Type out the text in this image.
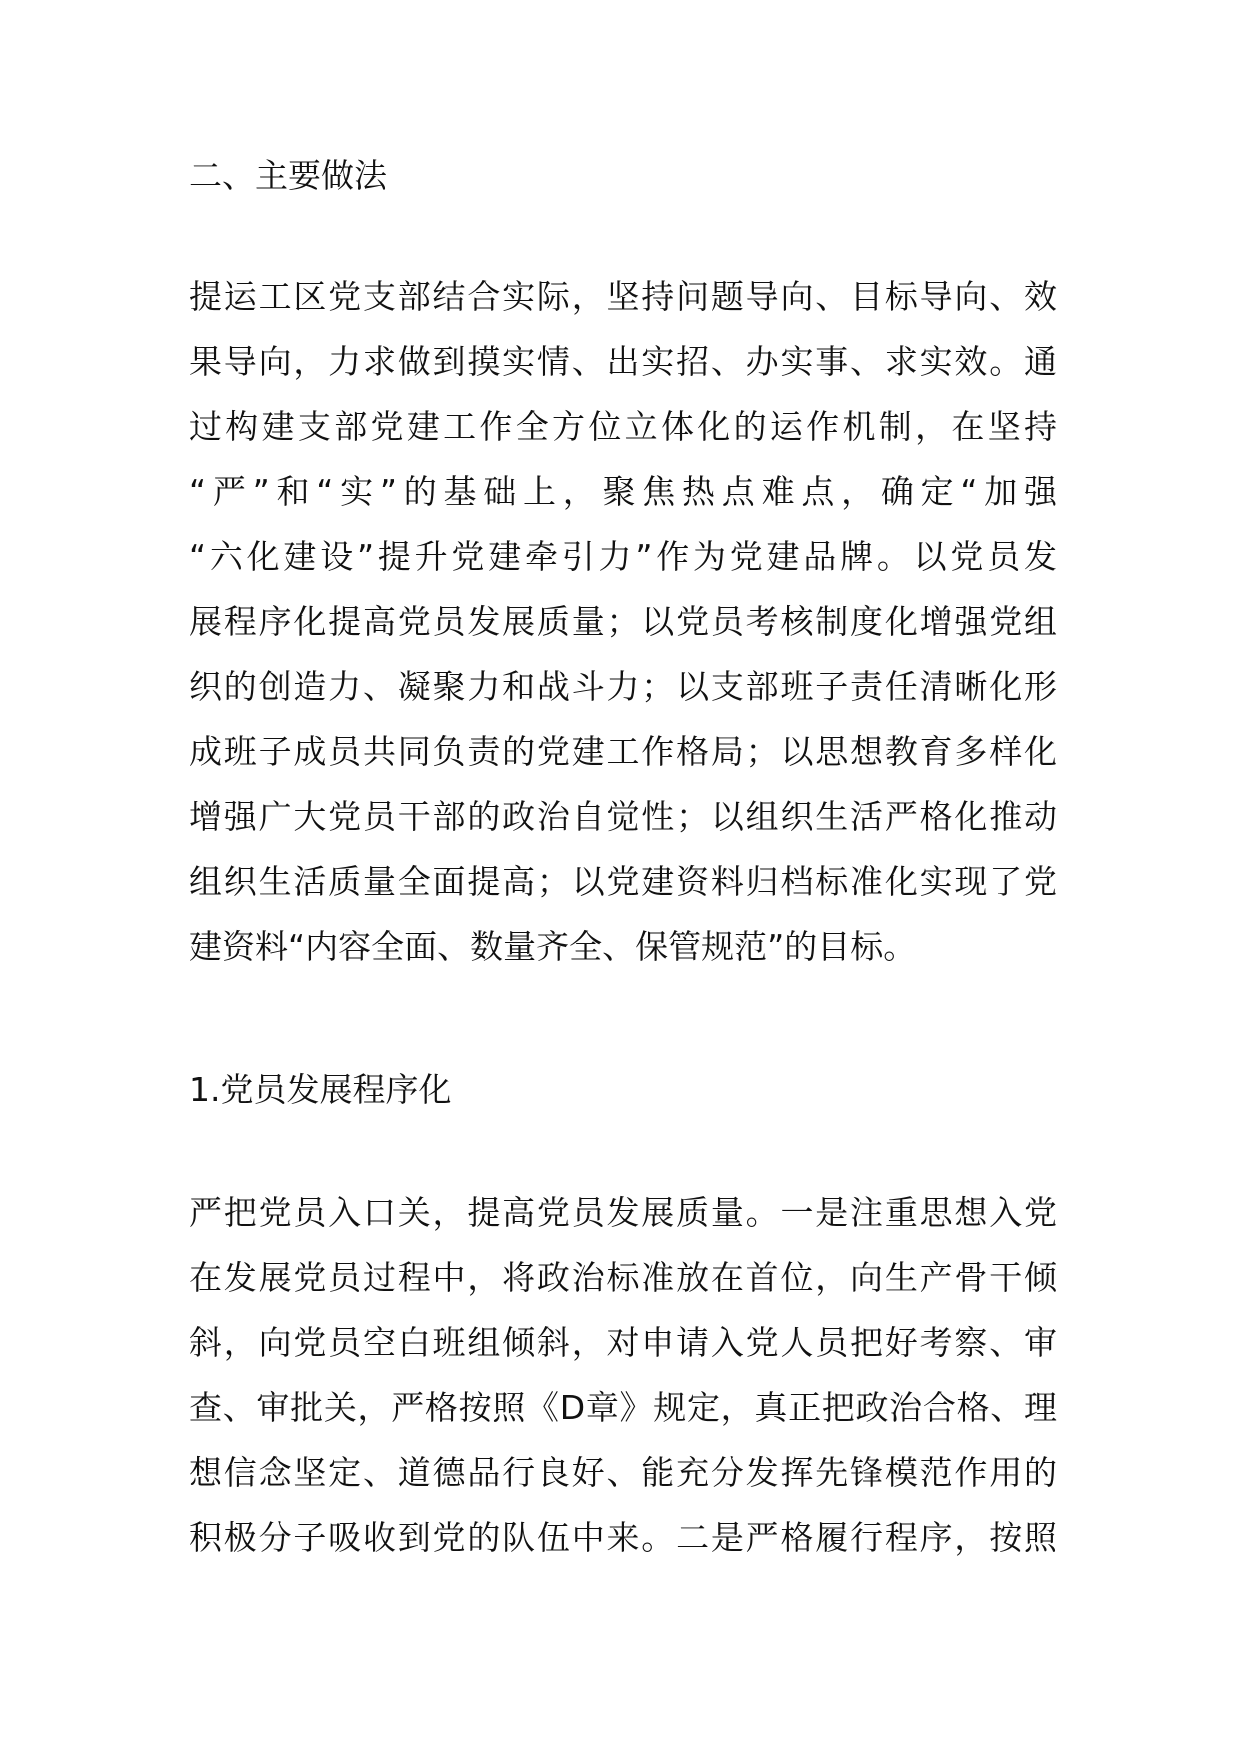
二、主要做法
提运工区党支部结合实际，坚持问题导向、目标导向、效
果导向，力求做到摸实情、出实招、办实事、求实效。通
过构建支部党建工作全方位立体化的运作机制，在坚持
“严”和“实”的基础上，聚焦热点难点，确定“加强
“六化建设”提升党建牵引力”作为党建品牌。以党员发
展程序化提高党员发展质量；以党员考核制度化增强党组
织的创造力、凝聚力和战斗力；以支部班子责任清晰化形
成班子成员共同负责的党建工作格局；以思想教育多样化
增强广大党员干部的政治自觉性；以组织生活严格化推动
组织生活质量全面提高；以党建资料归档标准化实现了党
建资料“内容全面、数量齐全、保管规范”的目标。
1.党员发展程序化
严把党员入口关，提高党员发展质量。一是注重思想入党
在发展党员过程中，将政治标准放在首位，向生产骨干倾
斜，向党员空白班组倾斜，对申请入党人员把好考察、审
查、审批关，严格按照《D章》规定，真正把政治合格、理
想信念坚定、道德品行良好、能充分发挥先锋模范作用的
积极分子吸收到党的队伍中来。二是严格履行程序，按照
